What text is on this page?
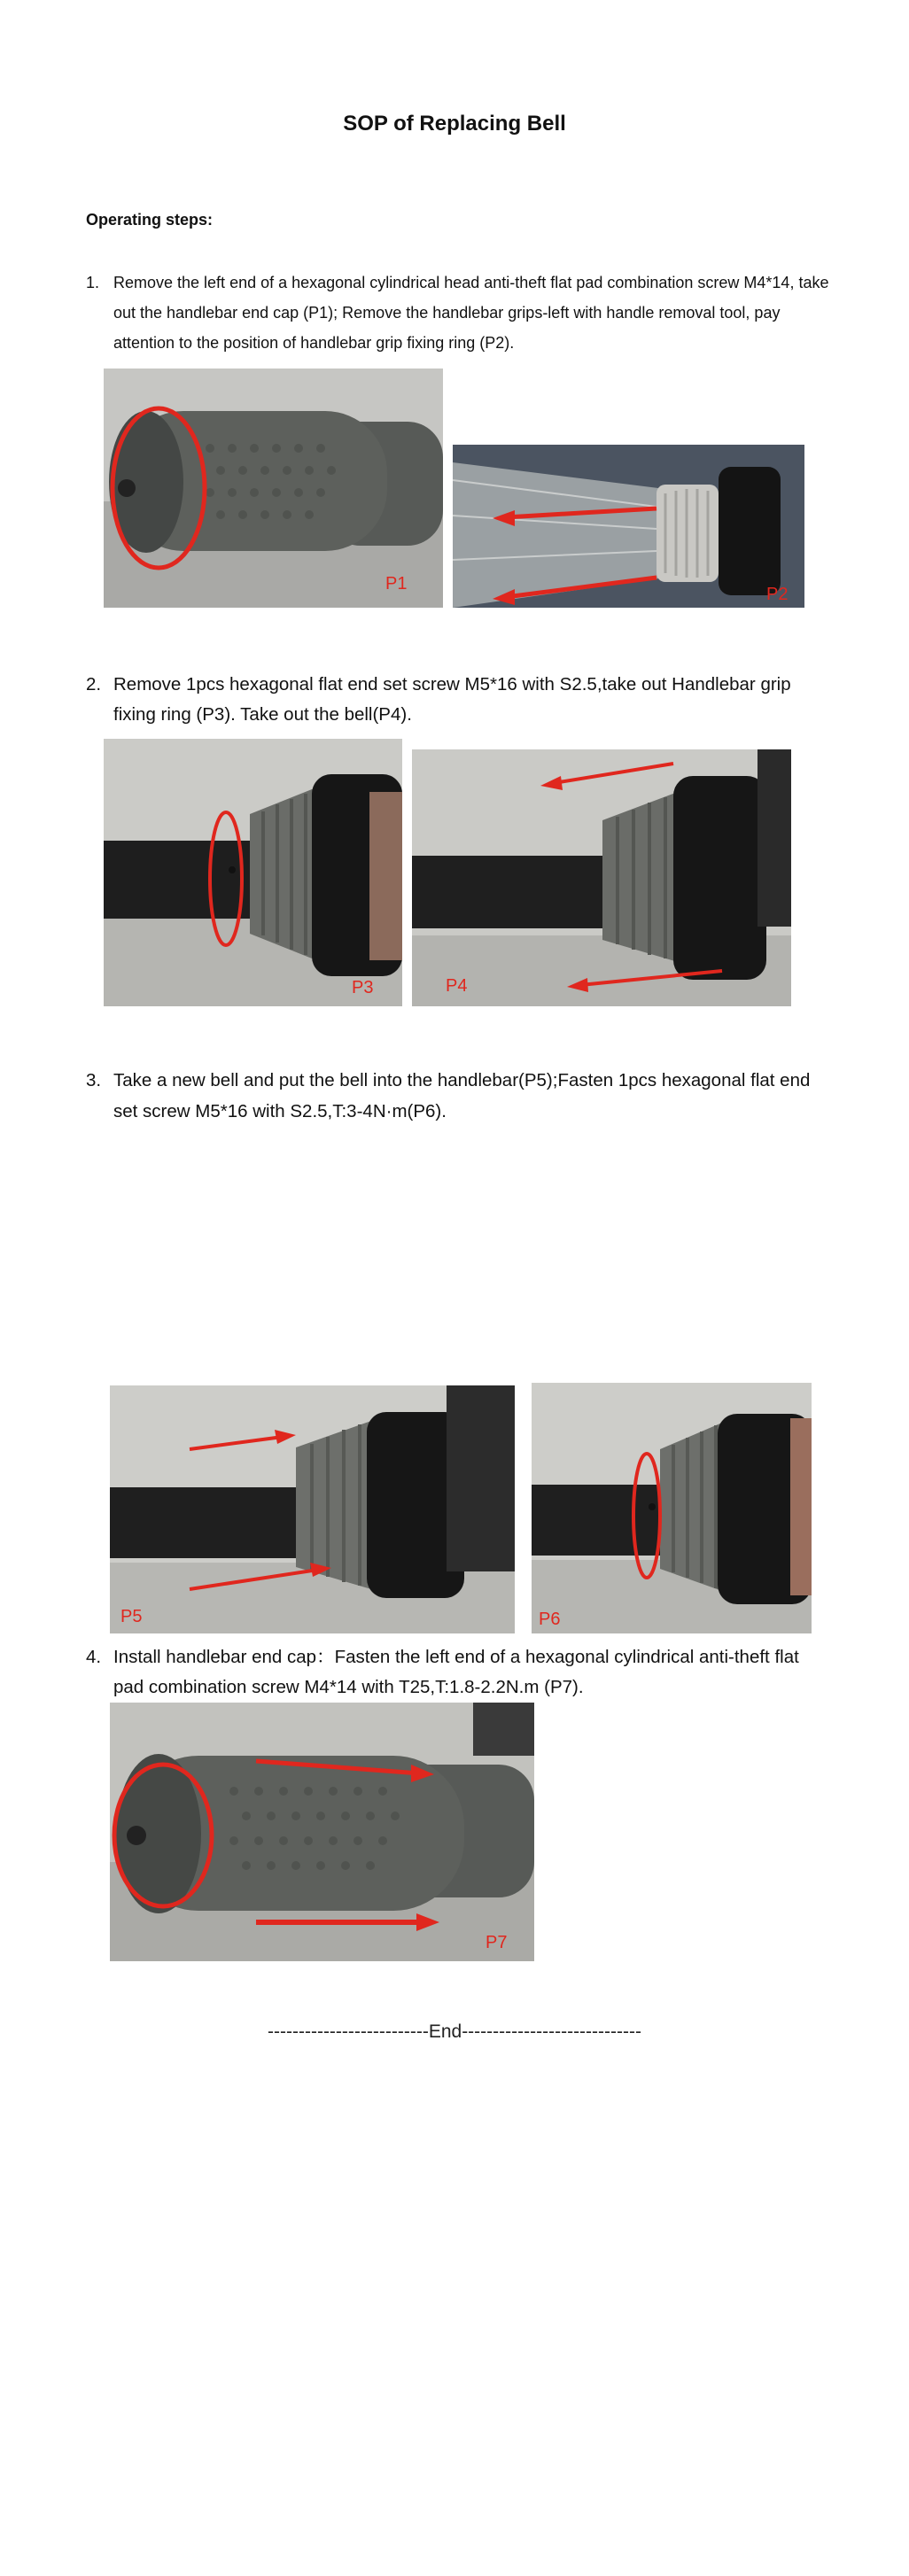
SOP of Replacing Bell
Operating steps:
1. Remove the left end of a hexagonal cylindrical head anti-theft flat pad combination screw M4*14, take out the handlebar end cap (P1); Remove the handlebar grips-left with handle removal tool, pay attention to the position of handlebar grip fixing ring (P2).
P1
P2
2. Remove 1pcs hexagonal flat end set screw M5*16 with S2.5,take out Handlebar grip fixing ring (P3). Take out the bell(P4).
P3	P4
3. Take a new bell and put the bell into the handlebar(P5);Fasten 1pcs hexagonal flat end set screw M5*16 with S2.5,T:3-4N·m(P6).
P5	P6
4. Install handlebar end cap：Fasten the left end of a hexagonal cylindrical anti-theft flat pad combination screw M4*14 with T25,T:1.8-2.2N.m (P7).
P7
--------------------------End-----------------------------
